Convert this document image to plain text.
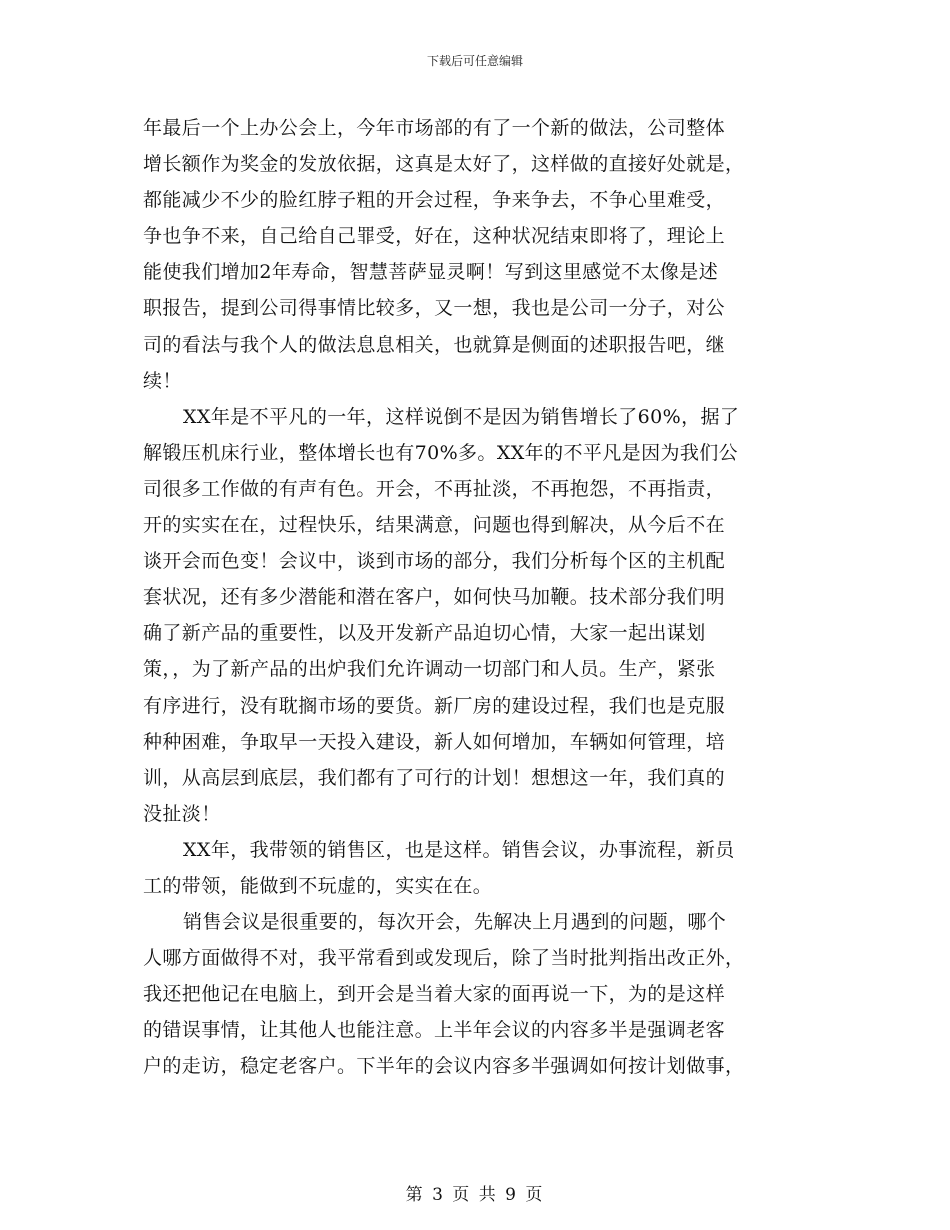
下载后可任意编辑
年最后一个上办公会上，今年市场部的有了一个新的做法，公司整体
增长额作为奖金的发放依据，这真是太好了，这样做的直接好处就是，
都能减少不少的脸红脖子粗的开会过程，争来争去，不争心里难受，
争也争不来，自己给自己罪受，好在，这种状况结束即将了，理论上
能使我们增加2年寿命，智慧菩萨显灵啊！写到这里感觉不太像是述
职报告，提到公司得事情比较多，又一想，我也是公司一分子，对公
司的看法与我个人的做法息息相关，也就算是侧面的述职报告吧，继
续！
XX年是不平凡的一年，这样说倒不是因为销售增长了60%，据了
解锻压机床行业，整体增长也有70%多。XX年的不平凡是因为我们公
司很多工作做的有声有色。开会，不再扯淡，不再抱怨，不再指责，
开的实实在在，过程快乐，结果满意，问题也得到解决，从今后不在
谈开会而色变！会议中，谈到市场的部分，我们分析每个区的主机配
套状况，还有多少潜能和潜在客户，如何快马加鞭。技术部分我们明
确了新产品的重要性，以及开发新产品迫切心情，大家一起出谋划
策，，为了新产品的出炉我们允许调动一切部门和人员。生产，紧张
有序进行，没有耽搁市场的要货。新厂房的建设过程，我们也是克服
种种困难，争取早一天投入建设，新人如何增加，车辆如何管理，培
训，从高层到底层，我们都有了可行的计划！想想这一年，我们真的
没扯淡！
XX年，我带领的销售区，也是这样。销售会议，办事流程，新员
工的带领，能做到不玩虚的，实实在在。
销售会议是很重要的，每次开会，先解决上月遇到的问题，哪个
人哪方面做得不对，我平常看到或发现后，除了当时批判指出改正外，
我还把他记在电脑上，到开会是当着大家的面再说一下，为的是这样
的错误事情，让其他人也能注意。上半年会议的内容多半是强调老客
户的走访，稳定老客户。下半年的会议内容多半强调如何按计划做事，
第 3 页 共 9 页
